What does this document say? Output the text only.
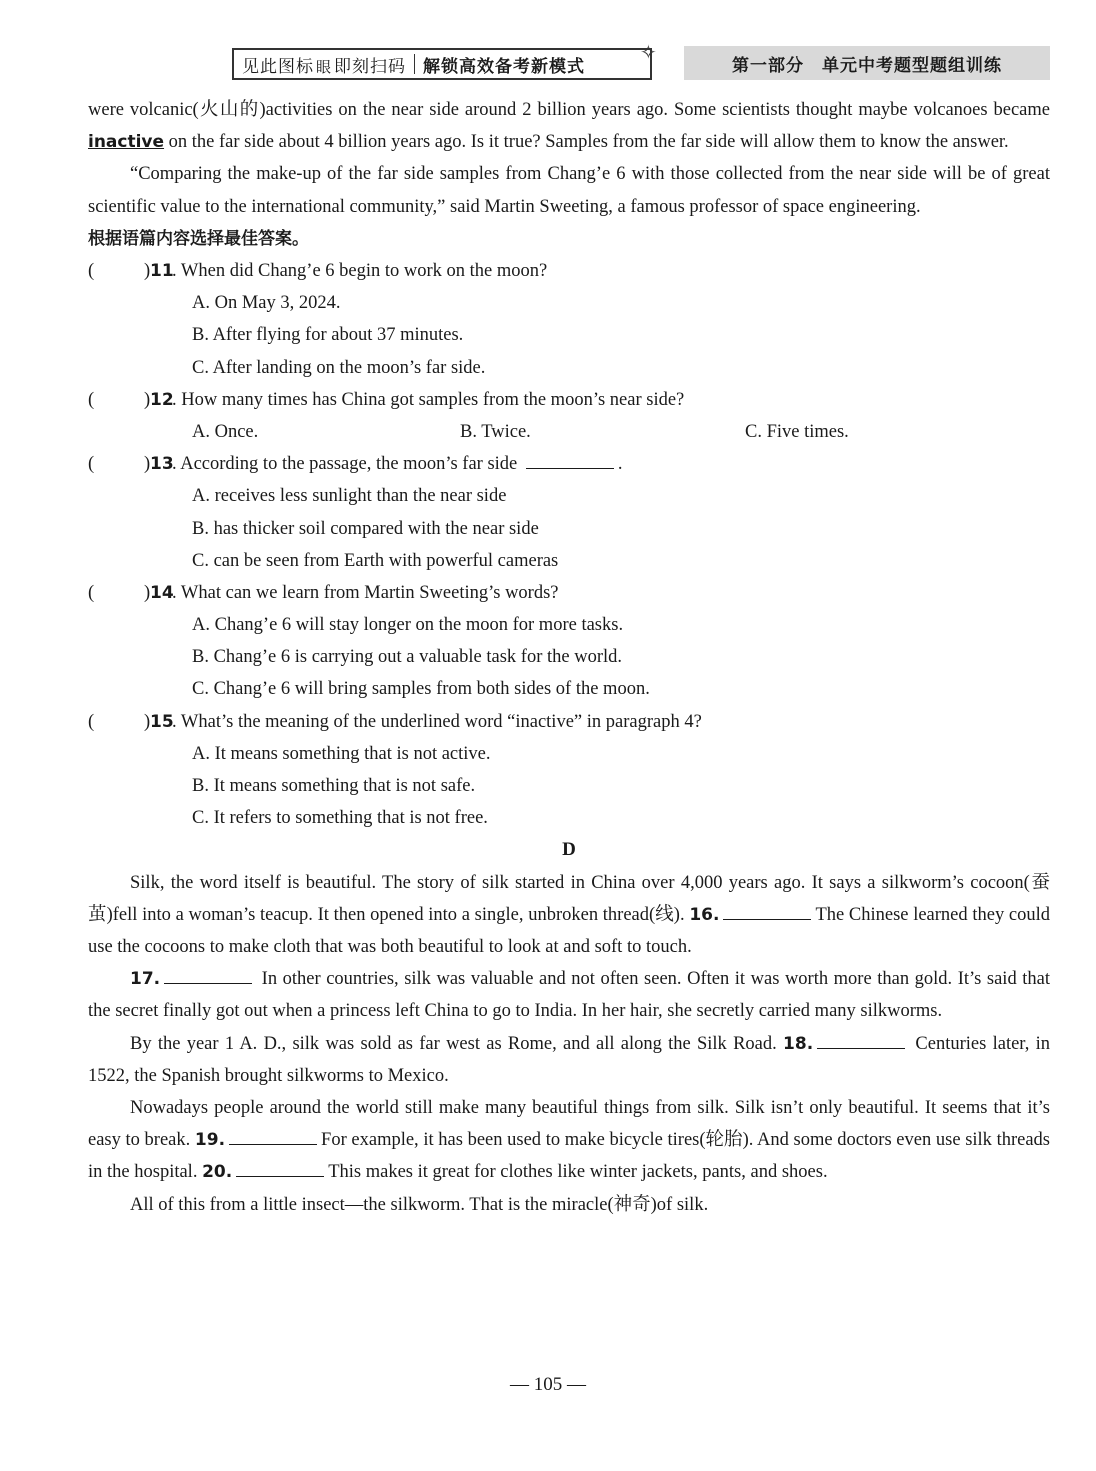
见此图标 眼 即刻扫码 解锁高效备考新模式
✧
第一部分　单元中考题型题组训练

were volcanic(火山的)activities on the near side around 2 billion years ago. Some scientists thought maybe volcanoes became inactive on the far side about 4 billion years ago. Is it true? Samples from the far side will allow them to know the answer.

“Comparing the make-up of the far side samples from Chang’e 6 with those collected from the near side will be of great scientific value to the international community,” said Martin Sweeting, a famous professor of space engineering.

根据语篇内容选择最佳答案。

(	) 11
. When did Chang’e 6 begin to work on the moon?
A. On May 3, 2024.
B. After flying for about 37 minutes.
C. After landing on the moon’s far side.
(	) 12
. How many times has China got samples from the moon’s near side?
A. Once.	B. Twice.	C. Five times.
(	) 13
. According to the passage, the moon’s far side	.
A. receives less sunlight than the near side
B. has thicker soil compared with the near side
C. can be seen from Earth with powerful cameras
(	) 14
. What can we learn from Martin Sweeting’s words?
A. Chang’e 6 will stay longer on the moon for more tasks.
B. Chang’e 6 is carrying out a valuable task for the world.
C. Chang’e 6 will bring samples from both sides of the moon.
(	) 15
. What’s the meaning of the underlined word “inactive” in paragraph 4?
A. It means something that is not active.
B. It means something that is not safe.
C. It refers to something that is not free.

D

Silk, the word itself is beautiful. The story of silk started in China over 4,000 years ago. It says a silkworm’s cocoon(蚕茧)fell into a woman’s teacup. It then opened into a single, unbroken thread(线). 16.	The Chinese learned they could use the cocoons to make cloth that was both beautiful to look at and soft to touch.

17.	In other countries, silk was valuable and not often seen. Often it was worth more than gold. It’s said that the secret finally got out when a princess left China to go to India. In her hair, she secretly carried many silkworms.

By the year 1 A. D., silk was sold as far west as Rome, and all along the Silk Road. 18.	Centuries later, in 1522, the Spanish brought silkworms to Mexico.

Nowadays people around the world still make many beautiful things from silk. Silk isn’t only beautiful. It seems that it’s easy to break. 19.	For example, it has been used to make bicycle tires(轮胎). And some doctors even use silk threads in the hospital. 20.	This makes it great for clothes like winter jackets, pants, and shoes.

All of this from a little insect—the silkworm. That is the miracle(神奇)of silk.

— 105 —
